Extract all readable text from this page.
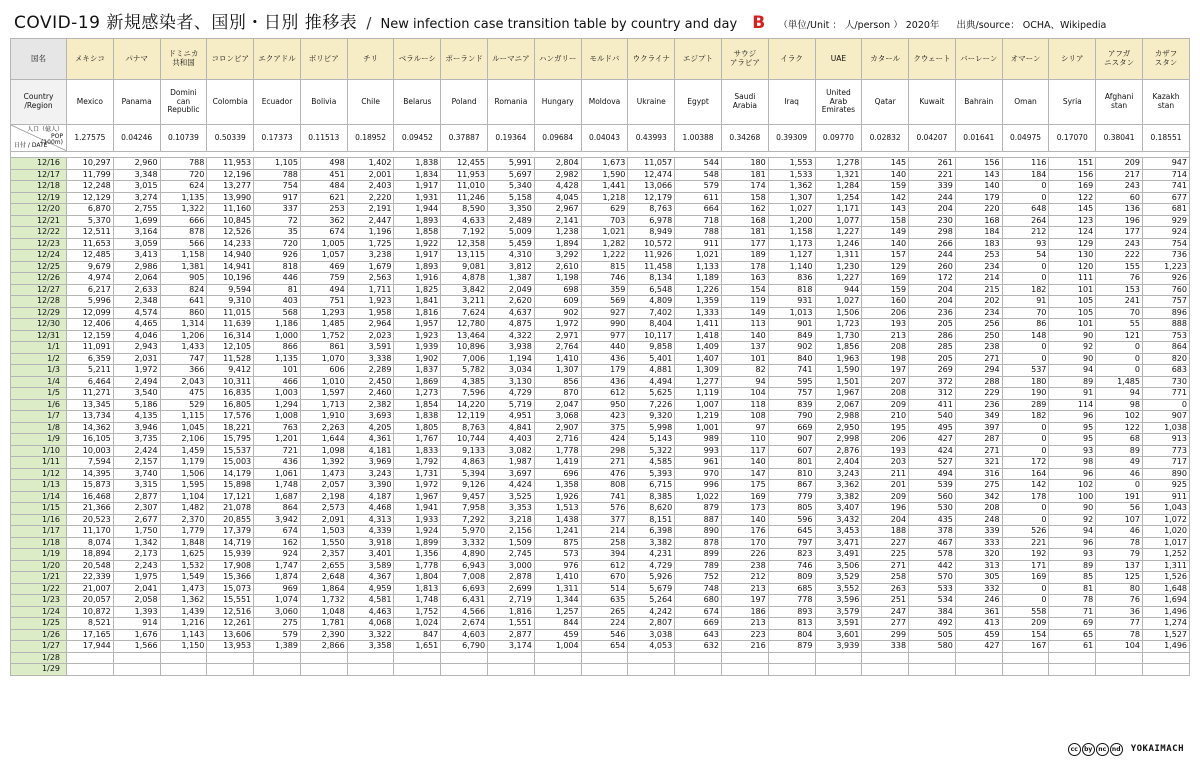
COVID-19 新規感染者、国別・日別 推移表 / New infection case transition table by country and day B （単位/Unit ： 人/person ） 2020年 出典/source： OCHA、Wikipedia
国名	メキシコ	パナマ	ドミニカ
共和国	コロンビア	エクアドル	ボリビア	チリ	ベラルーシ	ポーランド	ルーマニア	ハンガリー	モルドバ	ウクライナ	エジプト	サウジ
アラビア	イラク	UAE	カタール	クウェート	バーレーン	オマーン	シリア	アフガ
ニスタン	カザフ
スタン
Country
/Region	Mexico	Panama	Domini
can
Republic	Colombia	Ecuador	Bolivia	Chile	Belarus	Poland	Romania	Hungary	Moldova	Ukraine	Egypt	Saudi
Arabia	Iraq	United
Arab
Emirates	Qatar	Kuwait	Bahrain	Oman	Syria	Afghani
stan	Kazakh
stan

人口（億人）
POP
(100m)
日付 / DATE	1.27575	0.04246	0.10739	0.50339	0.17373	0.11513	0.18952	0.09452	0.37887	0.19364	0.09684	0.04043	0.43993	1.00388	0.34268	0.39309	0.09770	0.02832	0.04207	0.01641	0.04975	0.17070	0.38041	0.18551

12/16	10,297	2,960	788	11,953	1,105	498	1,402	1,838	12,455	5,991	2,804	1,673	11,057	544	180	1,553	1,278	145	261	156	116	151	209	947
12/17	11,799	3,348	720	12,196	788	451	2,001	1,834	11,953	5,697	2,982	1,590	12,474	548	181	1,533	1,321	140	221	143	184	156	217	714
12/18	12,248	3,015	624	13,277	754	484	2,403	1,917	11,010	5,340	4,428	1,441	13,066	579	174	1,362	1,284	159	339	140	0	169	243	741
12/19	12,129	3,274	1,135	13,990	917	621	2,220	1,931	11,246	5,158	4,045	1,218	12,179	611	158	1,307	1,254	142	244	179	0	122	60	677
12/20	6,870	2,755	1,322	11,160	337	253	2,191	1,944	8,590	3,350	2,967	629	8,763	664	162	1,027	1,171	143	204	220	648	145	136	681
12/21	5,370	1,699	666	10,845	72	362	2,447	1,893	4,633	2,489	2,141	703	6,978	718	168	1,200	1,077	158	230	168	264	123	196	929
12/22	12,511	3,164	878	12,526	35	674	1,196	1,858	7,192	5,009	1,238	1,021	8,949	788	181	1,158	1,227	149	298	184	212	124	177	924
12/23	11,653	3,059	566	14,233	720	1,005	1,725	1,922	12,358	5,459	1,894	1,282	10,572	911	177	1,173	1,246	140	266	183	93	129	243	754
12/24	12,485	3,413	1,158	14,940	926	1,057	3,238	1,917	13,115	4,310	3,292	1,222	11,926	1,021	189	1,127	1,311	157	244	253	54	130	222	736
12/25	9,679	2,986	1,381	14,941	818	469	1,679	1,893	9,081	3,812	2,610	815	11,458	1,133	178	1,140	1,230	129	260	234	0	120	155	1,223
12/26	4,974	2,064	905	10,196	446	759	2,563	1,916	4,878	1,387	1,198	746	8,134	1,189	163	836	1,227	169	172	214	0	111	76	926
12/27	6,217	2,633	824	9,594	81	494	1,711	1,825	3,842	2,049	698	359	6,548	1,226	154	818	944	159	204	215	182	101	153	760
12/28	5,996	2,348	641	9,310	403	751	1,923	1,841	3,211	2,620	609	569	4,809	1,359	119	931	1,027	160	204	202	91	105	241	757
12/29	12,099	4,574	860	11,015	568	1,293	1,958	1,816	7,624	4,637	902	927	7,402	1,333	149	1,013	1,506	206	236	234	70	105	70	896
12/30	12,406	4,465	1,314	11,639	1,186	1,485	2,964	1,957	12,780	4,875	1,972	990	8,404	1,411	113	901	1,723	193	205	256	86	101	55	888
12/31	12,159	4,046	1,206	16,314	1,000	1,752	2,023	1,923	13,464	4,322	2,971	977	10,117	1,418	140	849	1,730	213	286	250	148	90	121	753
1/1	11,091	2,943	1,433	12,105	866	861	3,591	1,939	10,896	3,938	2,764	440	9,858	1,409	137	902	1,856	208	285	238	0	92	0	864
1/2	6,359	2,031	747	11,528	1,135	1,070	3,338	1,902	7,006	1,194	1,410	436	5,401	1,407	101	840	1,963	198	205	271	0	90	0	820
1/3	5,211	1,972	366	9,412	101	606	2,289	1,837	5,782	3,034	1,307	179	4,881	1,309	82	741	1,590	197	269	294	537	94	0	683
1/4	6,464	2,494	2,043	10,311	466	1,010	2,450	1,869	4,385	3,130	856	436	4,494	1,277	94	595	1,501	207	372	288	180	89	1,485	730
1/5	11,271	3,540	475	16,835	1,003	1,597	2,460	1,273	7,596	4,729	870	612	5,625	1,119	104	757	1,967	208	312	229	190	91	94	771
1/6	13,345	5,186	529	16,805	1,294	1,713	2,382	1,854	14,220	5,719	2,047	950	7,226	1,007	118	839	2,067	209	411	236	289	114	98	0
1/7	13,734	4,135	1,115	17,576	1,008	1,910	3,693	1,838	12,119	4,951	3,068	423	9,320	1,219	108	790	2,988	210	540	349	182	96	102	907
1/8	14,362	3,946	1,045	18,221	763	2,263	4,205	1,805	8,763	4,841	2,907	375	5,998	1,001	97	669	2,950	195	495	397	0	95	122	1,038
1/9	16,105	3,735	2,106	15,795	1,201	1,644	4,361	1,767	10,744	4,403	2,716	424	5,143	989	110	907	2,998	206	427	287	0	95	68	913
1/10	10,003	2,424	1,459	15,537	721	1,098	4,181	1,833	9,133	3,082	1,778	298	5,322	993	117	607	2,876	193	424	271	0	93	89	773
1/11	7,594	2,157	1,179	15,003	436	1,392	3,969	1,792	4,863	1,987	1,419	271	4,585	961	140	801	2,404	203	527	321	172	98	49	717
1/12	14,395	3,740	1,506	14,179	1,061	1,473	3,243	1,731	5,394	3,697	696	476	5,393	970	147	810	3,243	211	494	316	164	96	46	890
1/13	15,873	3,315	1,595	15,898	1,748	2,057	3,390	1,972	9,126	4,424	1,358	808	6,715	996	175	867	3,362	201	539	275	142	102	0	925
1/14	16,468	2,877	1,104	17,121	1,687	2,198	4,187	1,967	9,457	3,525	1,926	741	8,385	1,022	169	779	3,382	209	560	342	178	100	191	911
1/15	21,366	2,307	1,482	21,078	864	2,573	4,468	1,941	7,958	3,353	1,513	576	8,620	879	173	805	3,407	196	530	208	0	90	56	1,043
1/16	20,523	2,677	2,370	20,855	3,942	2,091	4,313	1,933	7,292	3,218	1,438	377	8,151	887	140	596	3,432	204	435	248	0	92	107	1,072
1/17	11,170	1,750	1,779	17,379	674	1,503	4,339	1,924	5,970	2,156	1,241	214	6,398	890	176	645	3,453	188	378	339	526	94	46	1,020
1/18	8,074	1,342	1,848	14,719	162	1,550	3,918	1,899	3,332	1,509	875	258	3,382	878	170	797	3,471	227	467	333	221	96	78	1,017
1/19	18,894	2,173	1,625	15,939	924	2,357	3,401	1,356	4,890	2,745	573	394	4,231	899	226	823	3,491	225	578	320	192	93	79	1,252
1/20	20,548	2,243	1,532	17,908	1,747	2,655	3,589	1,778	6,943	3,000	976	612	4,729	789	238	746	3,506	271	442	313	171	89	137	1,311
1/21	22,339	1,975	1,549	15,366	1,874	2,648	4,367	1,804	7,008	2,878	1,410	670	5,926	752	212	809	3,529	258	570	305	169	85	125	1,526
1/22	21,007	2,041	1,473	15,073	969	1,864	4,959	1,813	6,693	2,699	1,311	514	5,679	748	213	685	3,552	263	533	332	0	81	80	1,648
1/23	20,057	2,058	1,362	15,551	1,074	1,732	4,581	1,748	6,431	2,719	1,344	635	5,264	680	197	778	3,596	251	534	246	0	78	76	1,694
1/24	10,872	1,393	1,439	12,516	3,060	1,048	4,463	1,752	4,566	1,816	1,257	265	4,242	674	186	893	3,579	247	384	361	558	71	36	1,496
1/25	8,521	914	1,216	12,261	275	1,781	4,068	1,024	2,674	1,551	844	224	2,807	669	213	813	3,591	277	492	413	209	69	77	1,274
1/26	17,165	1,676	1,143	13,606	579	2,390	3,322	847	4,603	2,877	459	546	3,038	643	223	804	3,601	299	505	459	154	65	78	1,527
1/27	17,944	1,566	1,150	13,953	1,389	2,866	3,358	1,651	6,790	3,174	1,004	654	4,053	632	216	879	3,939	338	580	427	167	61	104	1,496
1/28																								
1/29																								
cc	by nc nd YOKAIMACH
